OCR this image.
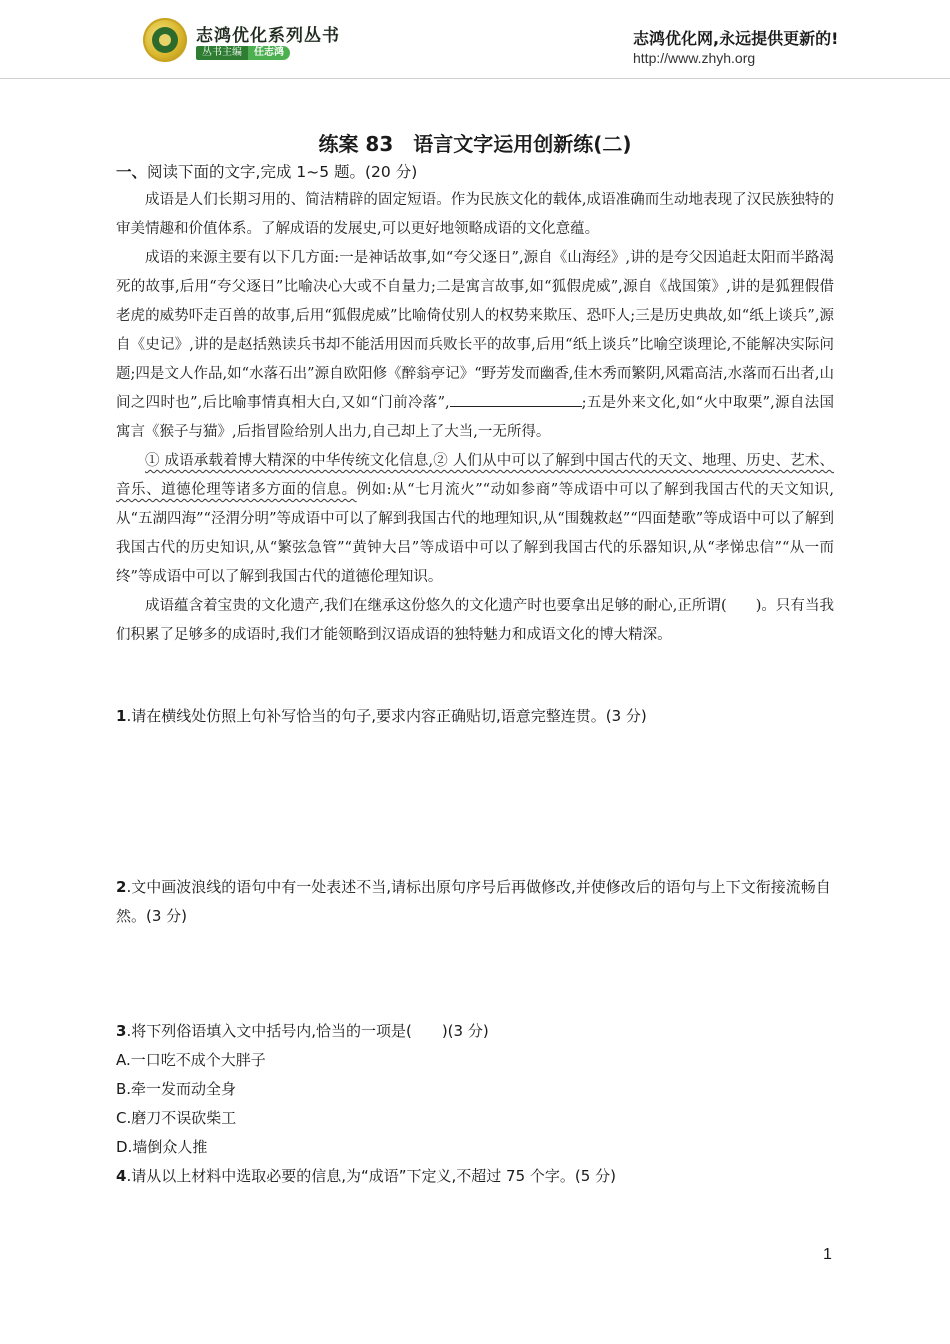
志鸿优化系列丛书
丛书主编	任志鸿
志鸿优化网,永远提供更新的!
http://www.zhyh.org
练案 83　语言文字运用创新练(二)
一、阅读下面的文字,完成 1~5 题。(20 分)

成语是人们长期习用的、简洁精辟的固定短语。作为民族文化的载体,成语准确而生动地表现了汉民族独特的审美情趣和价值体系。了解成语的发展史,可以更好地领略成语的文化意蕴。

成语的来源主要有以下几方面:一是神话故事,如“夸父逐日”,源自《山海经》,讲的是夸父因追赶太阳而半路渴死的故事,后用“夸父逐日”比喻决心大或不自量力;二是寓言故事,如“狐假虎威”,源自《战国策》,讲的是狐狸假借老虎的威势吓走百兽的故事,后用“狐假虎威”比喻倚仗别人的权势来欺压、恐吓人;三是历史典故,如“纸上谈兵”,源自《史记》,讲的是赵括熟读兵书却不能活用因而兵败长平的故事,后用“纸上谈兵”比喻空谈理论,不能解决实际问题;四是文人作品,如“水落石出”源自欧阳修《醉翁亭记》“野芳发而幽香,佳木秀而繁阴,风霜高洁,水落而石出者,山间之四时也”,后比喻事情真相大白,又如“门前冷落”,	;五是外来文化,如“火中取栗”,源自法国寓言《猴子与猫》,后指冒险给别人出力,自己却上了大当,一无所得。

① 成语承载着博大精深的中华传统文化信息,② 人们从中可以了解到中国古代的天文、地理、历史、艺术、音乐、道德伦理等诸多方面的信息。例如:从“七月流火”“动如参商”等成语中可以了解到我国古代的天文知识,从“五湖四海”“泾渭分明”等成语中可以了解到我国古代的地理知识,从“围魏救赵”“四面楚歌”等成语中可以了解到我国古代的历史知识,从“繁弦急管”“黄钟大吕”等成语中可以了解到我国古代的乐器知识,从“孝悌忠信”“从一而终”等成语中可以了解到我国古代的道德伦理知识。

成语蕴含着宝贵的文化遗产,我们在继承这份悠久的文化遗产时也要拿出足够的耐心,正所谓(　　)。只有当我们积累了足够多的成语时,我们才能领略到汉语成语的独特魅力和成语文化的博大精深。

1.请在横线处仿照上句补写恰当的句子,要求内容正确贴切,语意完整连贯。(3 分)
2.文中画波浪线的语句中有一处表述不当,请标出原句序号后再做修改,并使修改后的语句与上下文衔接流畅自然。(3 分)
3.将下列俗语填入文中括号内,恰当的一项是(　　)(3 分)
A.一口吃不成个大胖子
B.牵一发而动全身
C.磨刀不误砍柴工
D.墙倒众人推
4.请从以上材料中选取必要的信息,为“成语”下定义,不超过 75 个字。(5 分)
1
